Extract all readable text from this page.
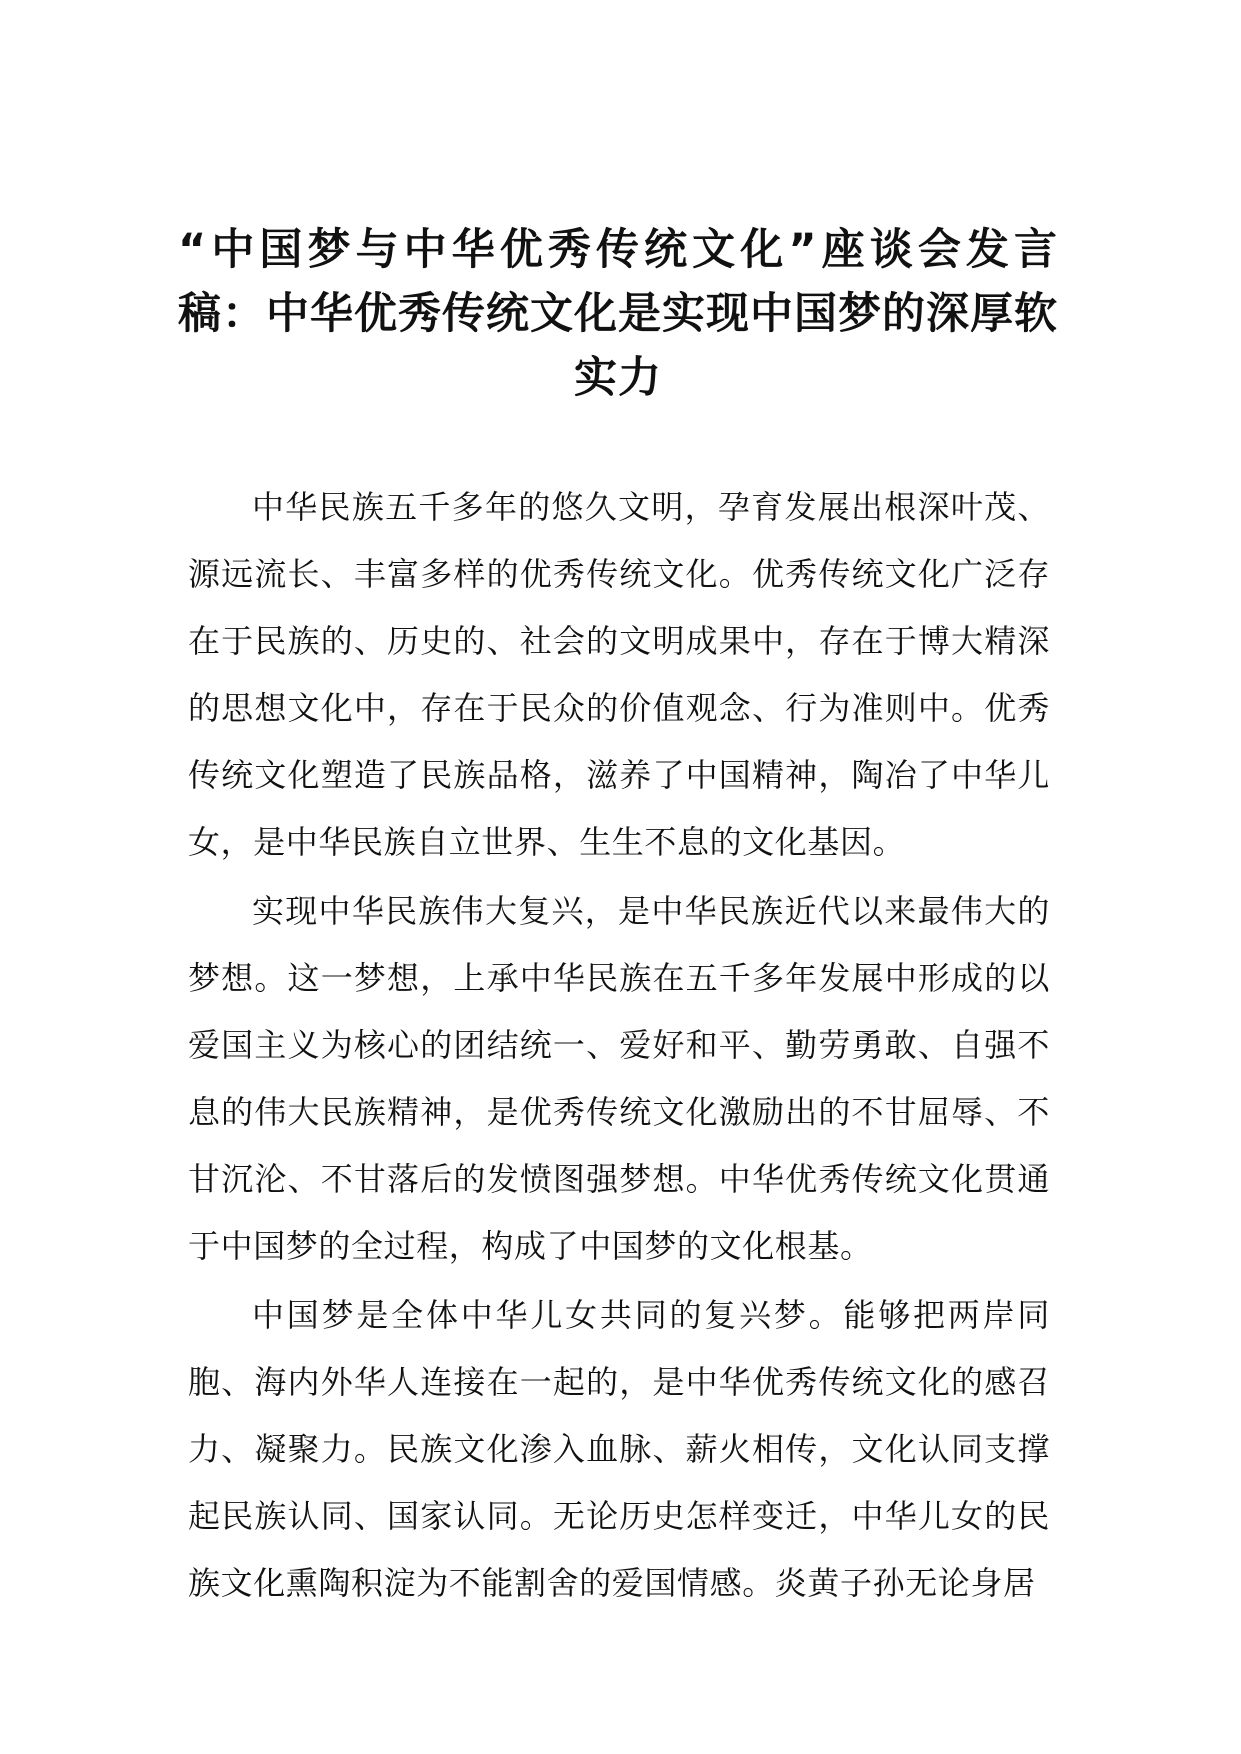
“中国梦与中华优秀传统文化”座谈会发言稿：中华优秀传统文化是实现中国梦的深厚软实力

中华民族五千多年的悠久文明，孕育发展出根深叶茂、源远流长、丰富多样的优秀传统文化。优秀传统文化广泛存在于民族的、历史的、社会的文明成果中，存在于博大精深的思想文化中，存在于民众的价值观念、行为准则中。优秀传统文化塑造了民族品格，滋养了中国精神，陶冶了中华儿女，是中华民族自立世界、生生不息的文化基因。

实现中华民族伟大复兴，是中华民族近代以来最伟大的梦想。这一梦想，上承中华民族在五千多年发展中形成的以爱国主义为核心的团结统一、爱好和平、勤劳勇敢、自强不息的伟大民族精神，是优秀传统文化激励出的不甘屈辱、不甘沉沦、不甘落后的发愤图强梦想。中华优秀传统文化贯通于中国梦的全过程，构成了中国梦的文化根基。

中国梦是全体中华儿女共同的复兴梦。能够把两岸同胞、海内外华人连接在一起的，是中华优秀传统文化的感召力、凝聚力。民族文化渗入血脉、薪火相传，文化认同支撑起民族认同、国家认同。无论历史怎样变迁，中华儿女的民族文化熏陶积淀为不能割舍的爱国情感。炎黄子孙无论身居
